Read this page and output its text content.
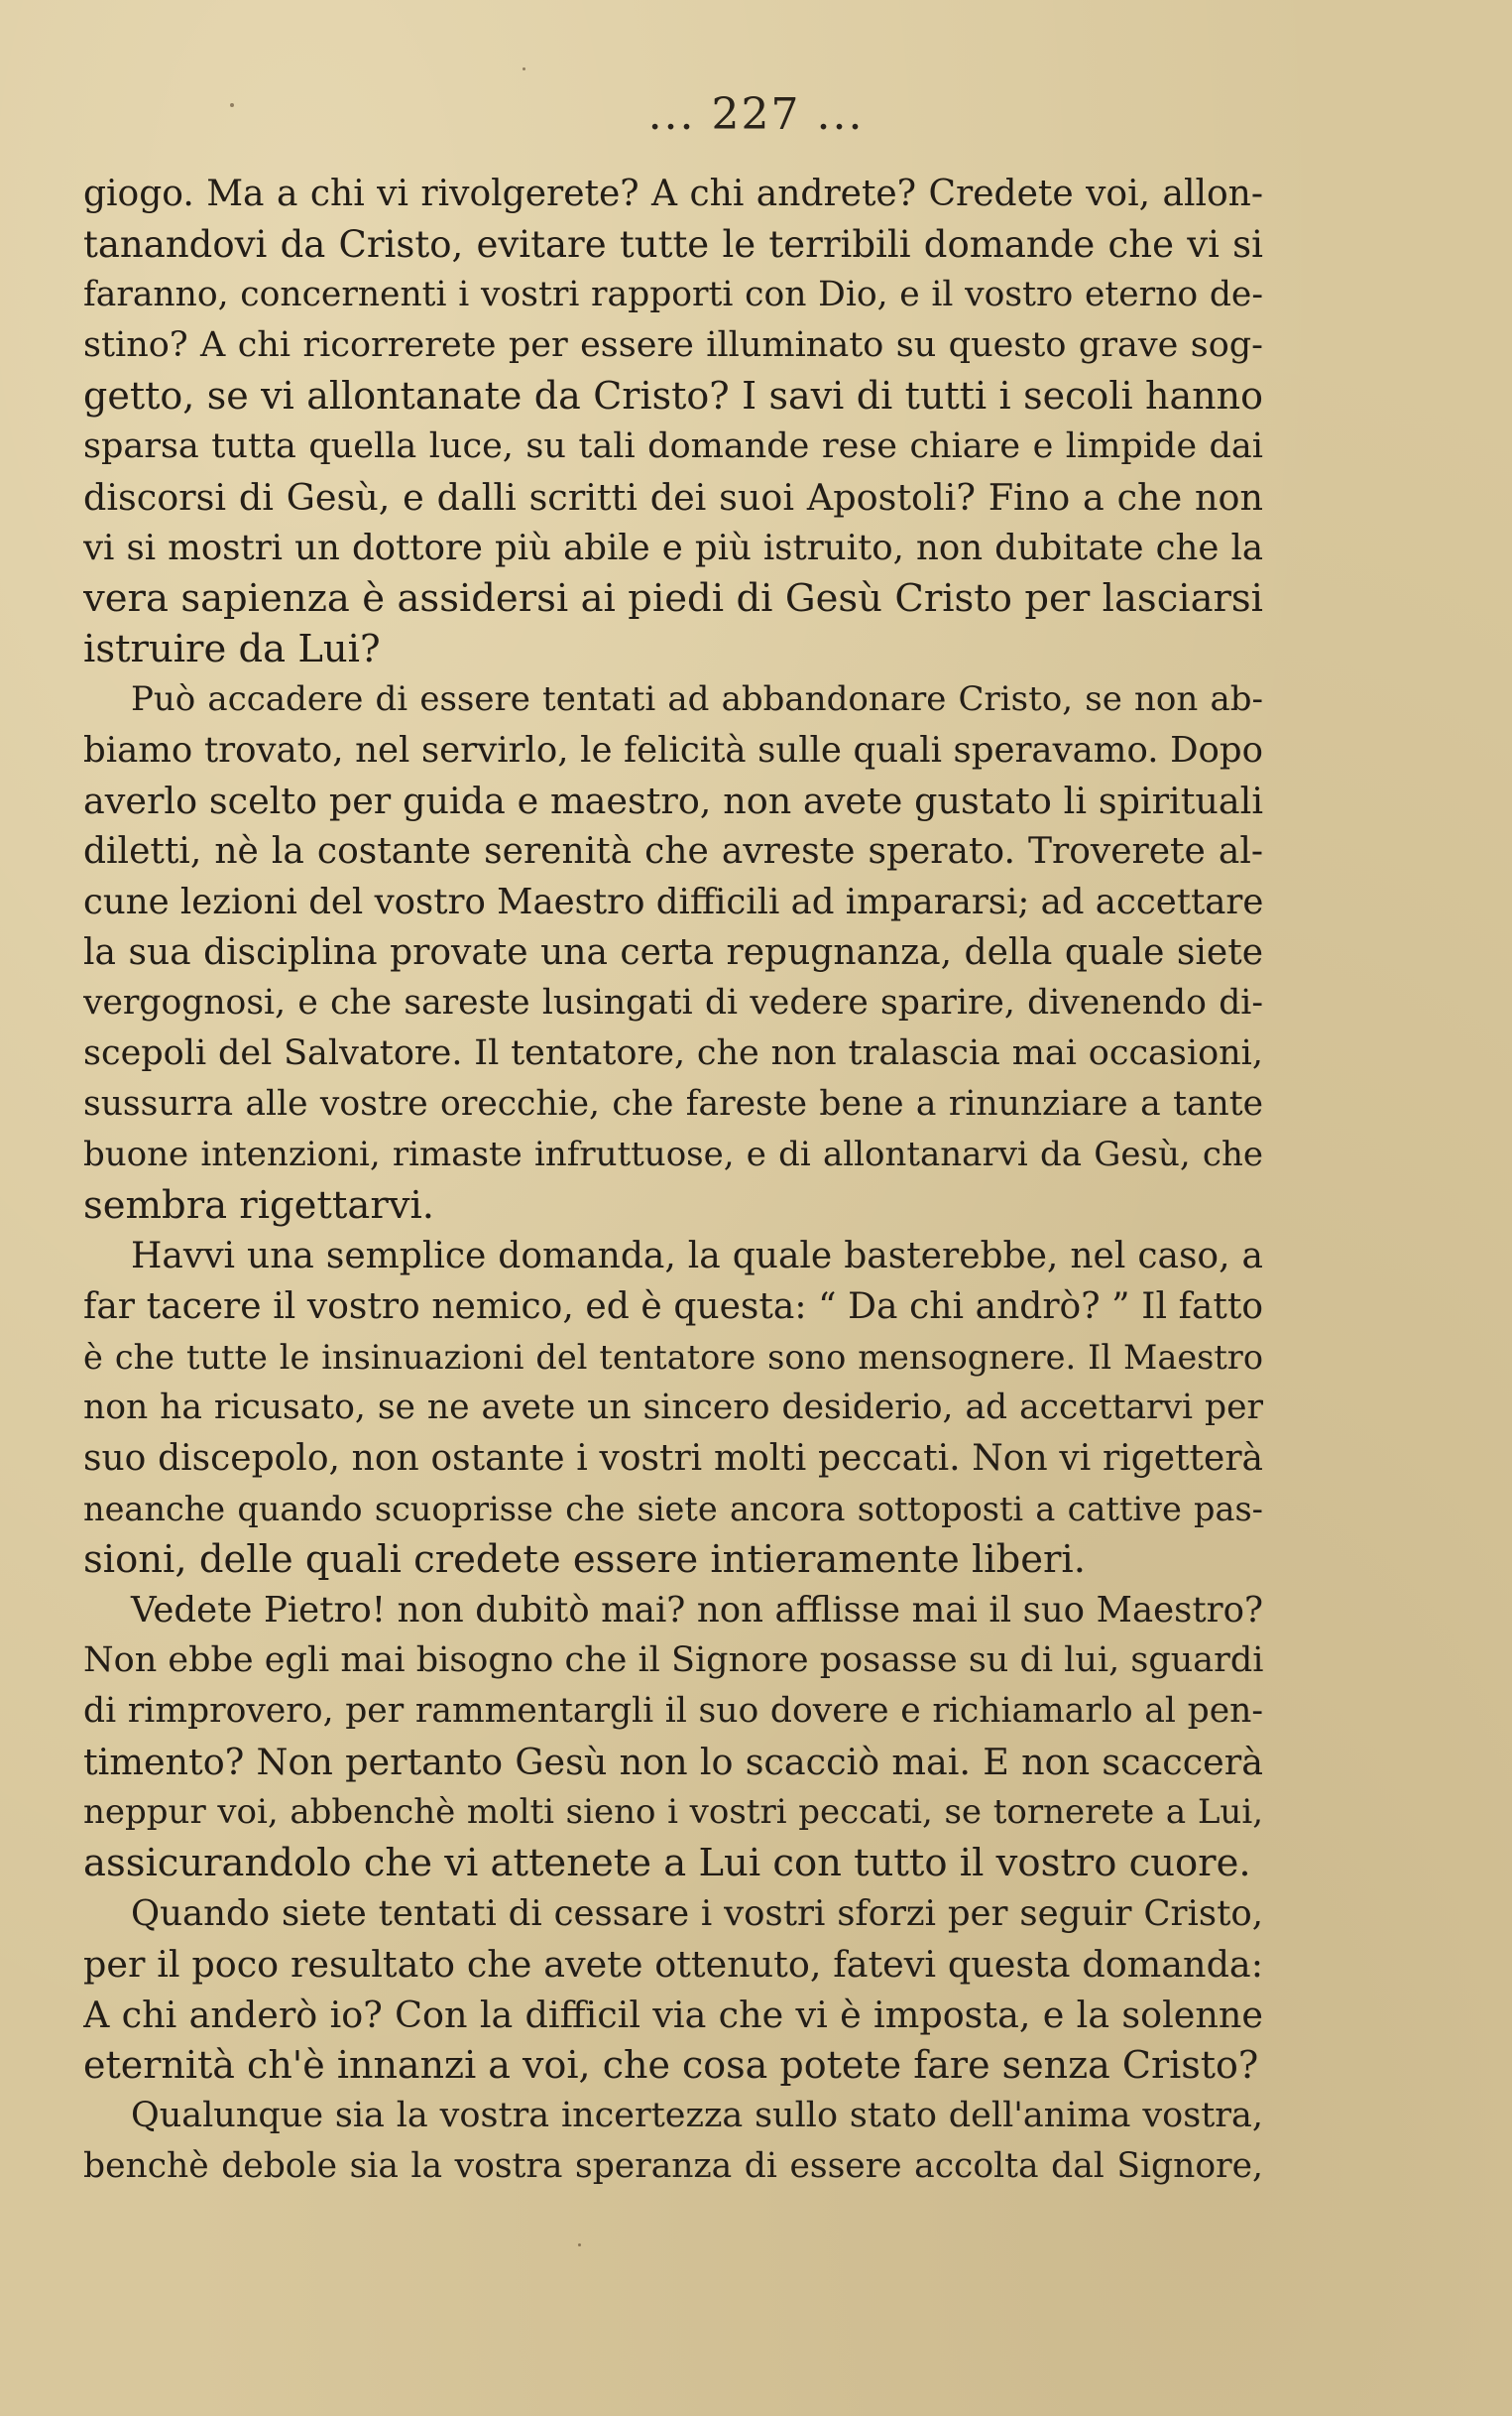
... 227 ...
giogo. Ma a chi vi rivolgerete? A chi andrete? Credete voi, allon-
tanandovi da Cristo, evitare tutte le terribili domande che vi si
faranno, concernenti i vostri rapporti con Dio, e il vostro eterno de-
stino? A chi ricorrerete per essere illuminato su questo grave sog-
getto, se vi allontanate da Cristo? I savi di tutti i secoli hanno
sparsa tutta quella luce, su tali domande rese chiare e limpide dai
discorsi di Gesù, e dalli scritti dei suoi Apostoli? Fino a che non
vi si mostri un dottore più abile e più istruito, non dubitate che la
vera sapienza è assidersi ai piedi di Gesù Cristo per lasciarsi
istruire da Lui?
Può accadere di essere tentati ad abbandonare Cristo, se non ab-
biamo trovato, nel servirlo, le felicità sulle quali speravamo. Dopo
averlo scelto per guida e maestro, non avete gustato li spirituali
diletti, nè la costante serenità che avreste sperato. Troverete al-
cune lezioni del vostro Maestro difficili ad impararsi; ad accettare
la sua disciplina provate una certa repugnanza, della quale siete
vergognosi, e che sareste lusingati di vedere sparire, divenendo di-
scepoli del Salvatore. Il tentatore, che non tralascia mai occasioni,
sussurra alle vostre orecchie, che fareste bene a rinunziare a tante
buone intenzioni, rimaste infruttuose, e di allontanarvi da Gesù, che
sembra rigettarvi.
Havvi una semplice domanda, la quale basterebbe, nel caso, a
far tacere il vostro nemico, ed è questa: “ Da chi andrò? ” Il fatto
è che tutte le insinuazioni del tentatore sono mensognere. Il Maestro
non ha ricusato, se ne avete un sincero desiderio, ad accettarvi per
suo discepolo, non ostante i vostri molti peccati. Non vi rigetterà
neanche quando scuoprisse che siete ancora sottoposti a cattive pas-
sioni, delle quali credete essere intieramente liberi.
Vedete Pietro! non dubitò mai? non afflisse mai il suo Maestro?
Non ebbe egli mai bisogno che il Signore posasse su di lui, sguardi
di rimprovero, per rammentargli il suo dovere e richiamarlo al pen-
timento? Non pertanto Gesù non lo scacciò mai. E non scaccerà
neppur voi, abbenchè molti sieno i vostri peccati, se tornerete a Lui,
assicurandolo che vi attenete a Lui con tutto il vostro cuore.
Quando siete tentati di cessare i vostri sforzi per seguir Cristo,
per il poco resultato che avete ottenuto, fatevi questa domanda:
A chi anderò io? Con la difficil via che vi è imposta, e la solenne
eternità ch'è innanzi a voi, che cosa potete fare senza Cristo?
Qualunque sia la vostra incertezza sullo stato dell'anima vostra,
benchè debole sia la vostra speranza di essere accolta dal Signore,
